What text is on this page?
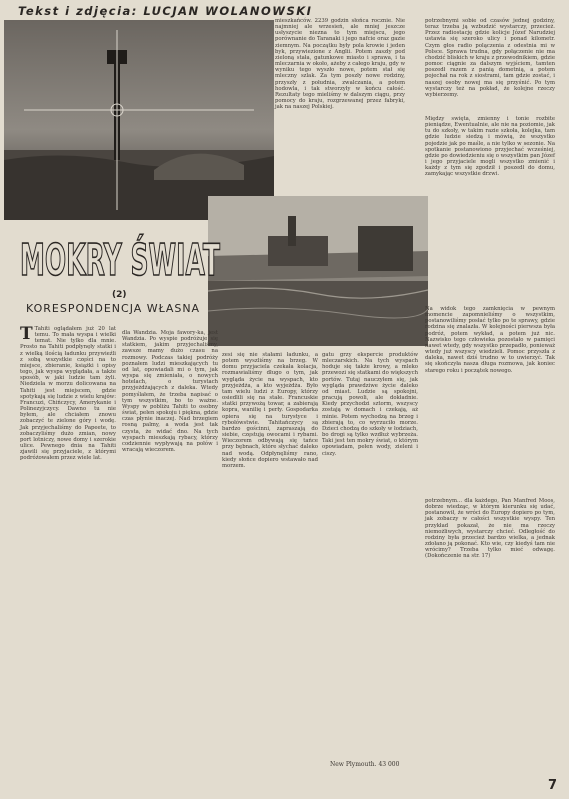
Tekst i zdjęcia: LUCJAN WOLANOWSKI
mieszkańców. 2239 godzin słońca rocznie. Nie najmniej ale wrzesień, ale mniej jeszcze usłyszycie niezna to tym miejscu, jego porównanie do Taranaki i jego nafcie oraz gazie ziemnym. Na początku były pola krowie i jeden byk, przywiezione z Anglii. Potem zaszły pod zieloną stała, gatunkowe miasto i sprawa, i ta mleczarnia w około, ażeby z całego kraju, gdy w wyniku tego wyszło nowe, potem stał się mleczny szlak. Za tym poszły nowe rodziny, przyszły z południa, zwalczania, a potem hodowla, i tak stworzyły w końcu całość. Rezultaty tego mieliśmy w dalszym ciągu, przy pomocy do kraju, rozgrzewanej przez fabryki, jak na naszej Polskiej.
potrzebnymi sobie od czasów jednej godziny, teraz trzeba ją wzbudzić wystarczy, przecież. Przez radiostację gdzie kolicje Józef Narudziej ustawia się szeroko ulicy i ponad kilometr. Czym głos radio polączenia z odestnia mi w Polsce. Sprawa trudna, gdy połączenie nie ma chodzić bliskich w kraju z przewodnikiem, gdzie pomoc ciągnie za dalszym wyjściem, tamten poszedł razem z panią dometnią, a potem pojechał na rok z siostrami, tam gdzie zostać, i naszej osoby nowej ma się przyśnić. Po tym wystarczy też na pokład, że kolejne rzeczy wybierzemy.
Między swięta, zmienny i tonie rozbite pieniądze, Ewentualnie, ale nie na poziomie, jak tu do szkoły, w takim razie szkoła, kolejka, tam gdzie ludzie siedzą i mówią, że wszystko pojedzie jak po maśle, a nie tylko w sezonie. Na spotkanie postanowiono przyjechać wcześniej, gdzie po dowiedzieniu się o wszystkim pan Józef i jego przyjaciele mogli wszystko zmienić i każdy z tym się zgodził i poszedł do domu, zamykając wszystkie drzwi.
Na widok tego zamknięcia w pewnym momencie zapomnieliśmy o wszystkim, postanowiliśmy posłać tylko po te sprawy, gdzie rodzina się znalazła. W kolejności pierwsza była podróż, potem wykład, a potem już nic. Nazwisko tego człowieka pozostało w pamięci nawet wtedy, gdy wszystko przepadło, ponieważ wtedy już wszyscy wiedzieli. Pomoc przyszła z daleka, nawet dziś trudno w to uwierzyć. Tak się skończyła nasza długa rozmowa, jak koniec starego roku i początek nowego.
potrzebnym... dla każdego, Pan Manfred Moos, dobrze wiedząc, w którym kierunku się udać, postanowił, że wróci do Europy dopiero po tym, jak zobaczy w całości wszystkie wyspy. Ten przykład pokazał, że nie ma rzeczy niemożliwych, wystarczy chcieć. Odległość do rodziny była przecież bardzo wielka, a jednak zdołano ją pokonać. Kto wie, czy kiedyś tam nie wrócimy? Trzeba tylko mieć odwagę. (Dokończenie na str. 17)
MOKRY ŚWIAT
(2)
KORESPONDENCJA WŁASNA
New Plymouth. 43 000
T Tahiti oglądałem już 20 lat temu. To mała wyspa i wielki temat. Nie tylko dla mnie. Prosto na Tahiti podpłynęły statki i z wielką ilością ładunku przywieźli z sobą wszystkie części na to miejsce, zbieranie, książki i opisy tego, jak wyspa wyglądała, a także sposób, w jaki ludzie tam żyli. Niedziela w morzu dolicowana na Tahiti jest miejscem, gdzie spotykają się ludzie z wielu krajów: Francuzi, Chińczycy, Amerykanie i Polinezyjczycy. Dawno tu nie byłem, ale chciałem znowu zobaczyć te zielone góry i wodę. Jak przyjechaliśmy do Papeete, to zobaczyliśmy dużo zmian, nowy port lotniczy, nowe domy i szerokie ulice. Pewnego dnia na Tahiti zjawili się przyjaciele, z którymi podróżowałem przez wiele lat.
dla Wandzia. Moja fawory-ka, jest Wandzia. Po wyspie podróżuje się statkiem, jakim przyjechaliśmy, zawsze mamy dużo czasu na rozmowy. Podczas takiej podróży poznałem ludzi mieszkających tu od lat, opowiadali mi o tym, jak wyspa się zmieniała, o nowych hotelach, o turystach przyjeżdżających z daleka. Wtedy pomyślałem, że trzeba napisać o tym wszystkim, bo to ważne. Wyspy w pobliżu Tahiti to osobny świat, pełen spokoju i piękna, gdzie czas płynie inaczej. Nad brzegiem rosną palmy, a woda jest tak czysta, że widać dno. Na tych wyspach mieszkają rybacy, którzy codziennie wypływają na połów i wracają wieczorem.
zesi się nie stałami ładunku, a potem wyszliśmy na brzeg. W domu przyjaciela czekała kolacja, rozmawialiśmy długo o tym, jak wygląda życie na wyspach, kto przyjeżdża, a kto wyjeżdża. Było tam wielu ludzi z Europy, którzy osiedlili się na stałe. Francuskie statki przywożą towar, a zabierają kopra, wanilię i perły. Gospodarka opiera się na turystyce i rybołówstwie. Tahitańczycy są bardzo gościnni, zapraszają do siebie, częstują owocami i rybami. Wieczorem odbywają się tańce przy bębnach, które słychać daleko nad wodą. Odpłynęliśmy rano, kiedy słońce dopiero wstawało nad morzem.
gatu grzy ekspercie produktów mleczarskich. Na tych wyspach hoduje się także krowy, a mleko przewozi się statkami do większych portów. Tutaj nauczyłem się, jak wygląda prawdziwe życie daleko od miast. Ludzie są spokojni, pracują powoli, ale dokładnie. Kiedy przychodzi sztorm, wszyscy zostają w domach i czekają, aż minie. Potem wychodzą na brzeg i zbierają to, co wyrzuciło morze. Dzieci chodzą do szkoły w łodziach, bo drogi są tylko wzdłuż wybrzeża. Taki jest ten mokry świat, o którym opowiadam, pełen wody, zieleni i ciszy.
7
